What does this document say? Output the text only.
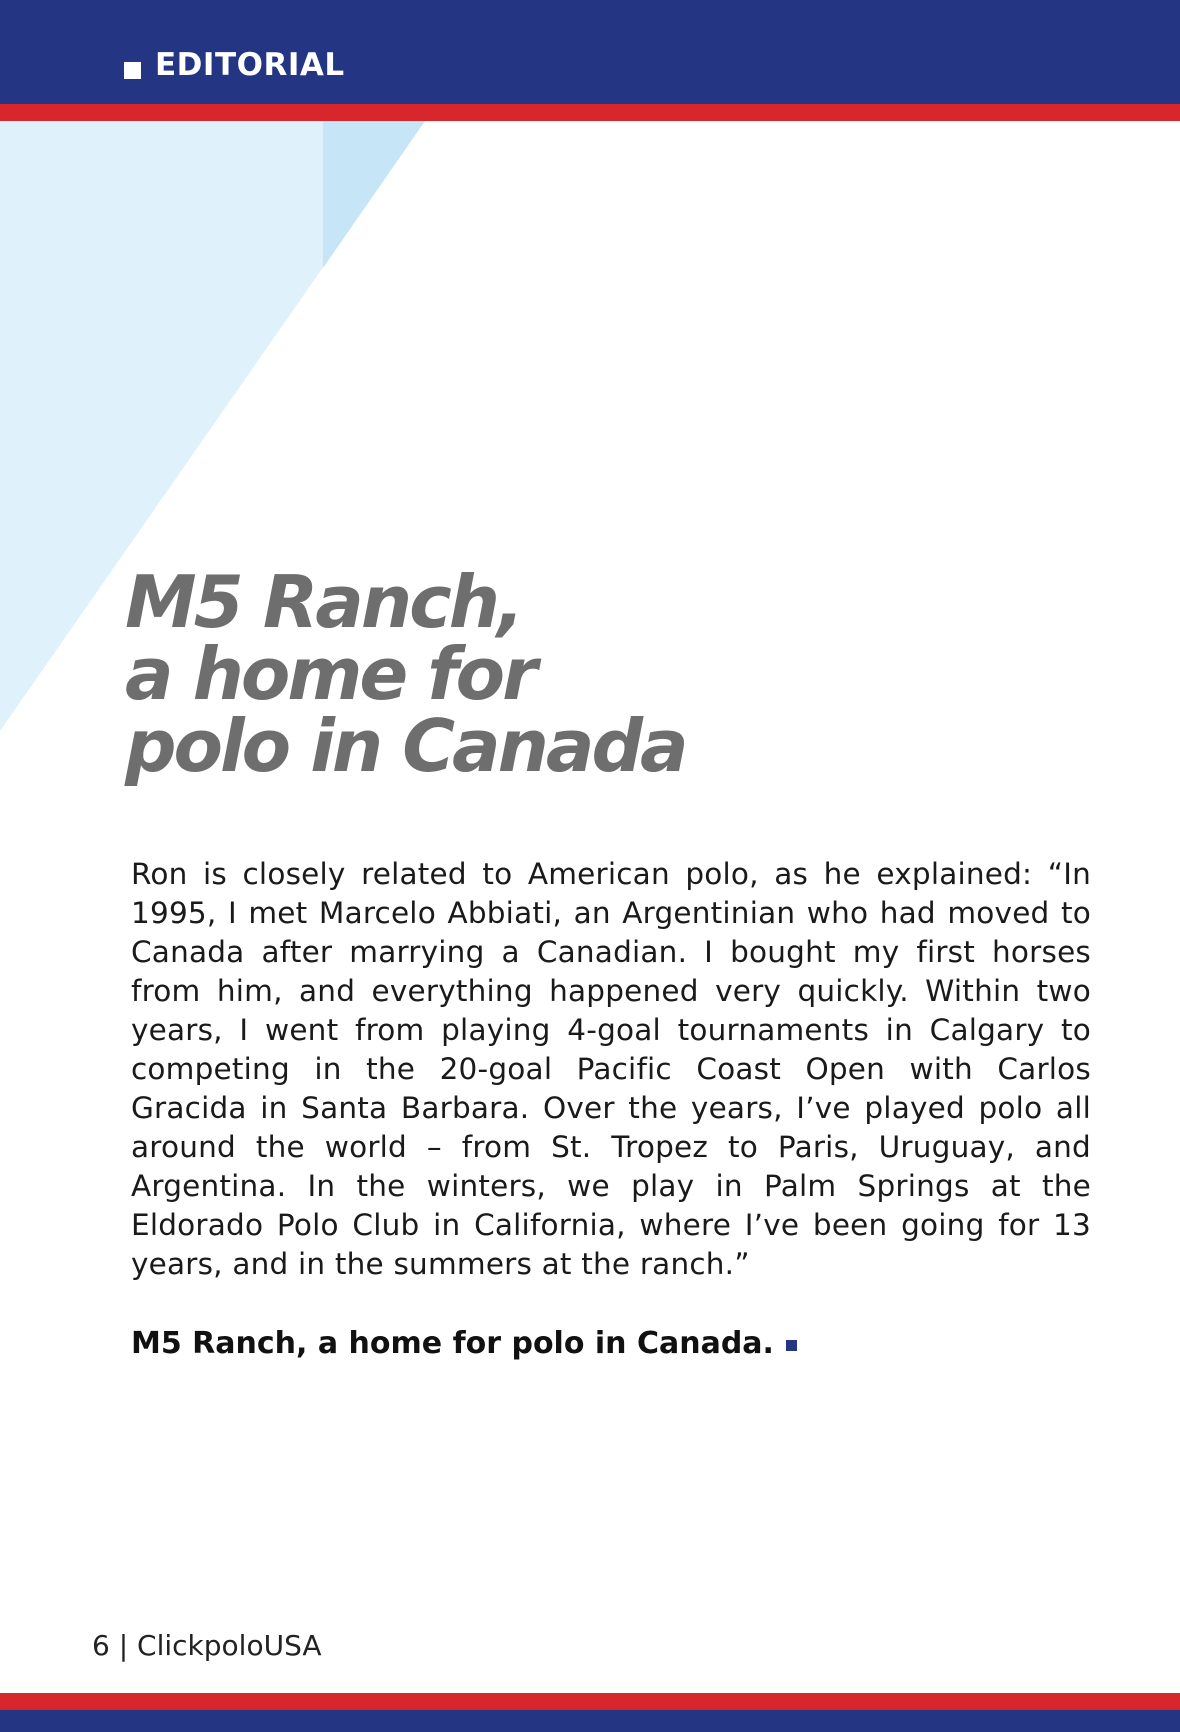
EDITORIAL
M5 Ranch,
a home for
polo in Canada

Ron is closely related to American polo, as he explained: “In 1995, I met Marcelo Abbiati, an Argentinian who had moved to Canada after marrying a Canadian. I bought my first horses from him, and everything happened very quickly. Within two years, I went from playing 4-goal tournaments in Calgary to competing in the 20-goal Pacific Coast Open with Carlos Gracida in Santa Barbara. Over the years, I’ve played polo all around the world – from St. Tropez to Paris, Uruguay, and Argentina. In the winters, we play in Palm Springs at the Eldorado Polo Club in California, where I’ve been going for 13 years, and in the summers at the ranch.”

M5 Ranch, a home for polo in Canada.
6 | ClickpoloUSA
